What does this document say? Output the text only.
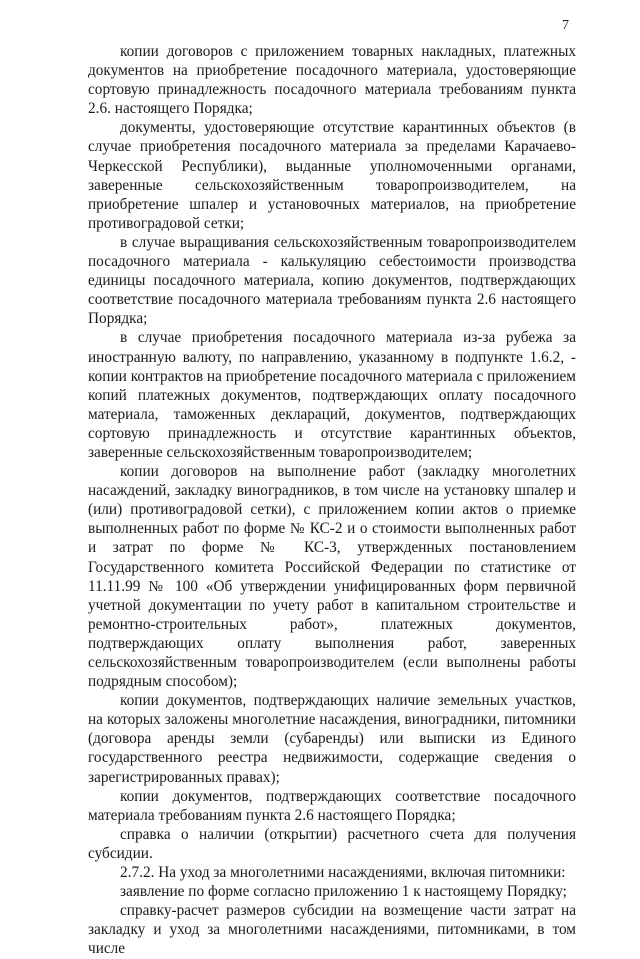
7

копии договоров с приложением товарных накладных, платежных документов на приобретение посадочного материала, удостоверяющие сортовую принадлежность посадочного материала требованиям пункта 2.6. настоящего Порядка;

документы, удостоверяющие отсутствие карантинных объектов (в случае приобретения посадочного материала за пределами Карачаево-Черкесской Республики), выданные уполномоченными органами, заверенные сельскохозяйственным товаропроизводителем, на приобретение шпалер и установочных материалов, на приобретение противоградовой сетки;

в случае выращивания сельскохозяйственным товаропроизводителем посадочного материала - калькуляцию себестоимости производства единицы посадочного материала, копию документов, подтверждающих соответствие посадочного материала требованиям пункта 2.6 настоящего Порядка;

в случае приобретения посадочного материала из-за рубежа за иностранную валюту, по направлению, указанному в подпункте 1.6.2, - копии контрактов на приобретение посадочного материала с приложением копий платежных документов, подтверждающих оплату посадочного материала, таможенных деклараций, документов, подтверждающих сортовую принадлежность и отсутствие карантинных объектов, заверенные сельскохозяйственным товаропроизводителем;

копии договоров на выполнение работ (закладку многолетних насаждений, закладку виноградников, в том числе на установку шпалер и (или) противоградовой сетки), с приложением копии актов о приемке выполненных работ по форме № КС-2 и о стоимости выполненных работ и затрат по форме № КС-3, утвержденных постановлением Государственного комитета Российской Федерации по статистике от 11.11.99 № 100 «Об утверждении унифицированных форм первичной учетной документации по учету работ в капитальном строительстве и ремонтно-строительных работ», платежных документов, подтверждающих оплату выполнения работ, заверенных сельскохозяйственным товаропроизводителем (если выполнены работы подрядным способом);

копии документов, подтверждающих наличие земельных участков, на которых заложены многолетние насаждения, виноградники, питомники (договора аренды земли (субаренды) или выписки из Единого государственного реестра недвижимости, содержащие сведения о зарегистрированных правах);

копии документов, подтверждающих соответствие посадочного материала требованиям пункта 2.6 настоящего Порядка;

справка о наличии (открытии) расчетного счета для получения субсидии.

2.7.2. На уход за многолетними насаждениями, включая питомники:

заявление по форме согласно приложению 1 к настоящему Порядку;

справку-расчет размеров субсидии на возмещение части затрат на закладку и уход за многолетними насаждениями, питомниками, в том числе
